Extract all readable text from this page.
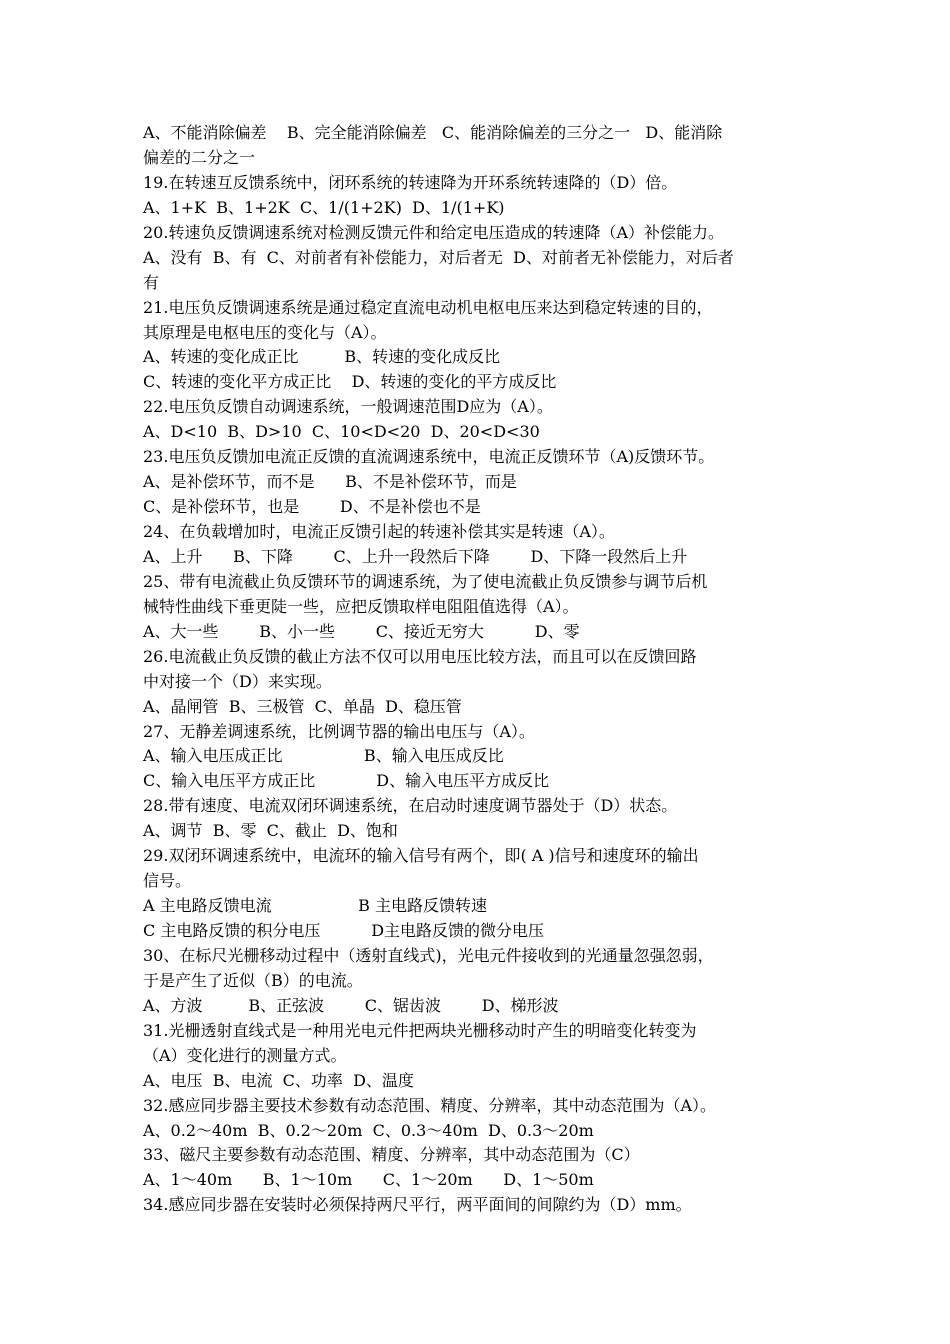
A、不能消除偏差    B、完全能消除偏差   C、能消除偏差的三分之一   D、能消除
偏差的二分之一
19.在转速互反馈系统中，闭环系统的转速降为开环系统转速降的（D）倍。
A、1+K  B、1+2K  C、1/(1+2K)  D、1/(1+K)
20.转速负反馈调速系统对检测反馈元件和给定电压造成的转速降（A）补偿能力。
A、没有  B、有  C、对前者有补偿能力，对后者无  D、对前者无补偿能力，对后者
有
21.电压负反馈调速系统是通过稳定直流电动机电枢电压来达到稳定转速的目的，
其原理是电枢电压的变化与（A）。
A、转速的变化成正比         B、转速的变化成反比
C、转速的变化平方成正比    D、转速的变化的平方成反比
22.电压负反馈自动调速系统，一般调速范围D应为（A）。
A、D<10  B、D>10  C、10<D<20  D、20<D<30
23.电压负反馈加电流正反馈的直流调速系统中，电流正反馈环节（A)反馈环节。
A、是补偿环节，而不是      B、不是补偿环节，而是
C、是补偿环节，也是        D、不是补偿也不是
24、在负载增加时，电流正反馈引起的转速补偿其实是转速（A）。
A、上升      B、下降        C、上升一段然后下降        D、下降一段然后上升
25、带有电流截止负反馈环节的调速系统，为了使电流截止负反馈参与调节后机
械特性曲线下垂更陡一些，应把反馈取样电阻阻值选得（A）。
A、大一些        B、小一些        C、接近无穷大          D、零
26.电流截止负反馈的截止方法不仅可以用电压比较方法，而且可以在反馈回路
中对接一个（D）来实现。
A、晶闸管  B、三极管  C、单晶  D、稳压管
27、无静差调速系统，比例调节器的输出电压与（A）。
A、输入电压成正比                B、输入电压成反比
C、输入电压平方成正比            D、输入电压平方成反比
28.带有速度、电流双闭环调速系统，在启动时速度调节器处于（D）状态。
A、调节  B、零  C、截止  D、饱和
29.双闭环调速系统中，电流环的输入信号有两个，即( A )信号和速度环的输出
信号。
A 主电路反馈电流                 B 主电路反馈转速
C 主电路反馈的积分电压          D主电路反馈的微分电压
30、在标尺光栅移动过程中（透射直线式)，光电元件接收到的光通量忽强忽弱，
于是产生了近似（B）的电流。
A、方波         B、正弦波        C、锯齿波        D、梯形波
31.光栅透射直线式是一种用光电元件把两块光栅移动时产生的明暗变化转变为
（A）变化进行的测量方式。
A、电压  B、电流  C、功率  D、温度
32.感应同步器主要技术参数有动态范围、精度、分辨率，其中动态范围为（A）。
A、0.2～40m  B、0.2～20m  C、0.3～40m  D、0.3～20m
33、磁尺主要参数有动态范围、精度、分辨率，其中动态范围为（C）
A、1～40m      B、1～10m      C、1～20m      D、1～50m
34.感应同步器在安装时必须保持两尺平行，两平面间的间隙约为（D）mm。
